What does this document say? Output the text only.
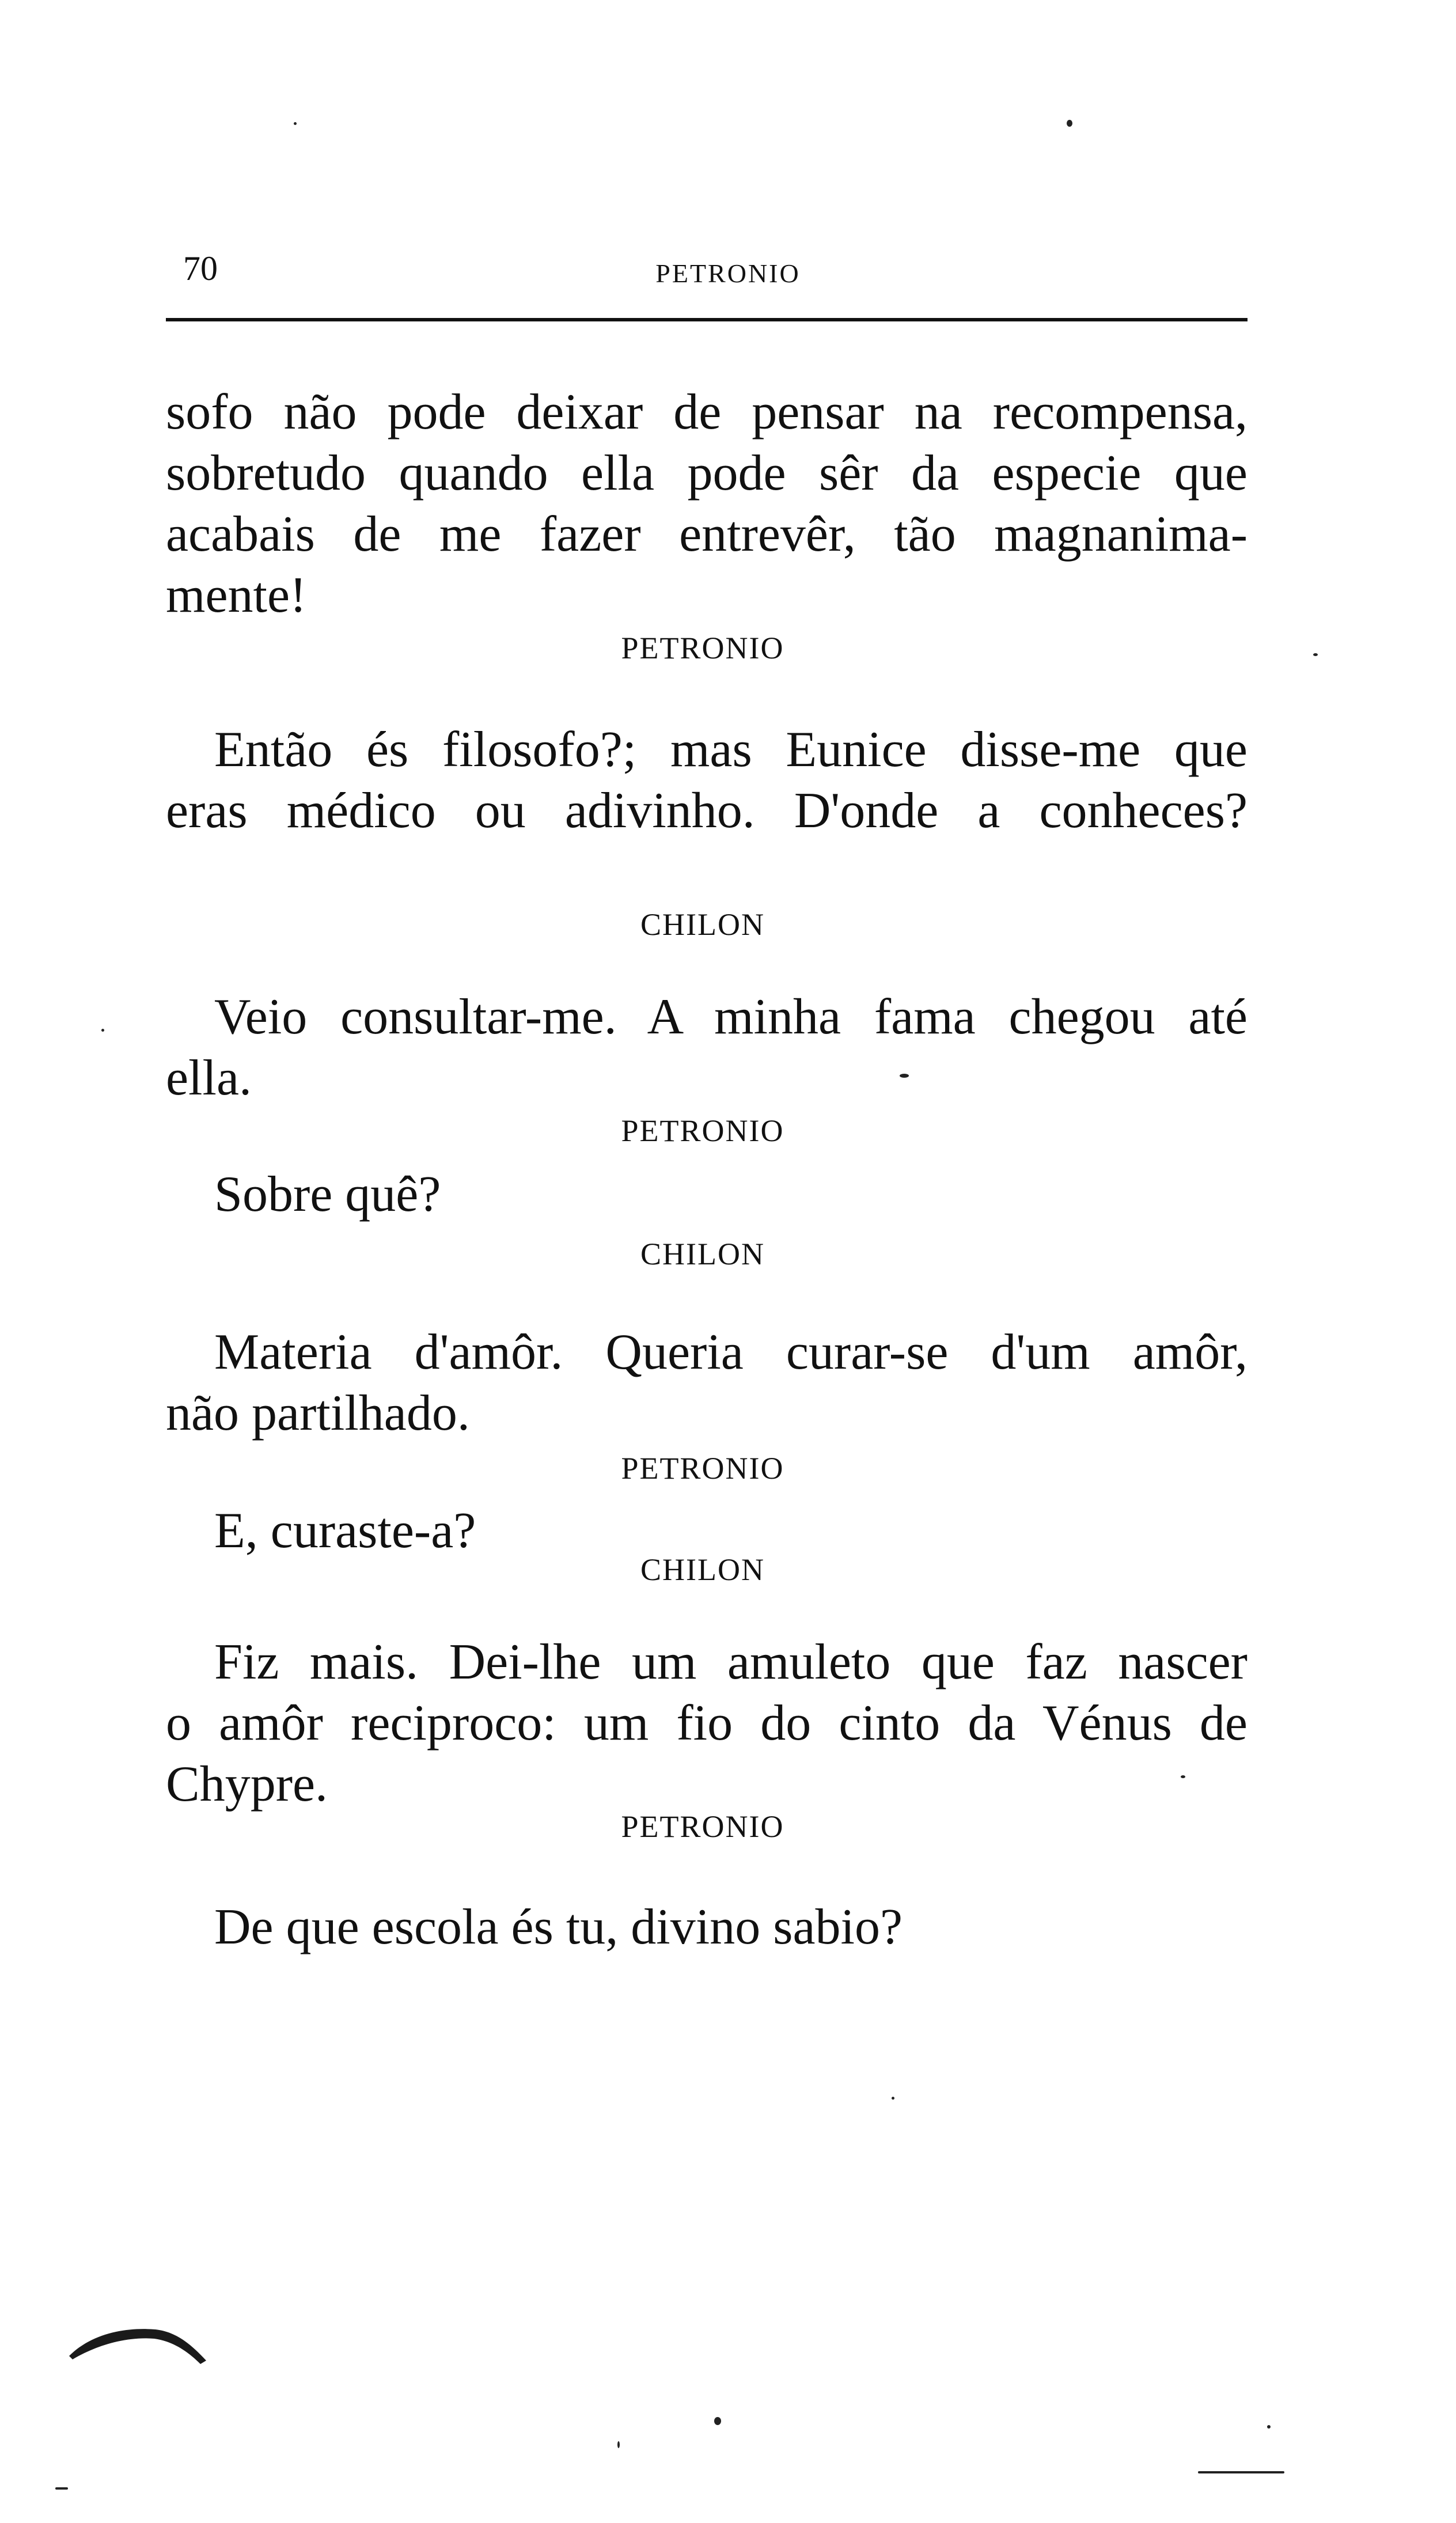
70	PETRONIO
sofo não pode deixar de pensar na recompensa,
sobretudo quando ella pode sêr da especie que
acabais de me fazer entrevêr, tão magnanima-
mente!
PETRONIO
Então és filosofo?; mas Eunice disse-me que
eras médico ou adivinho. D'onde a conheces?
CHILON
Veio consultar-me. A minha fama chegou até
ella.
PETRONIO
Sobre quê?
CHILON
Materia d'amôr. Queria curar-se d'um amôr,
não partilhado.
PETRONIO
E, curaste-a?
CHILON
Fiz mais. Dei-lhe um amuleto que faz nascer
o amôr reciproco: um fio do cinto da Vénus de
Chypre.
PETRONIO
De que escola és tu, divino sabio?
